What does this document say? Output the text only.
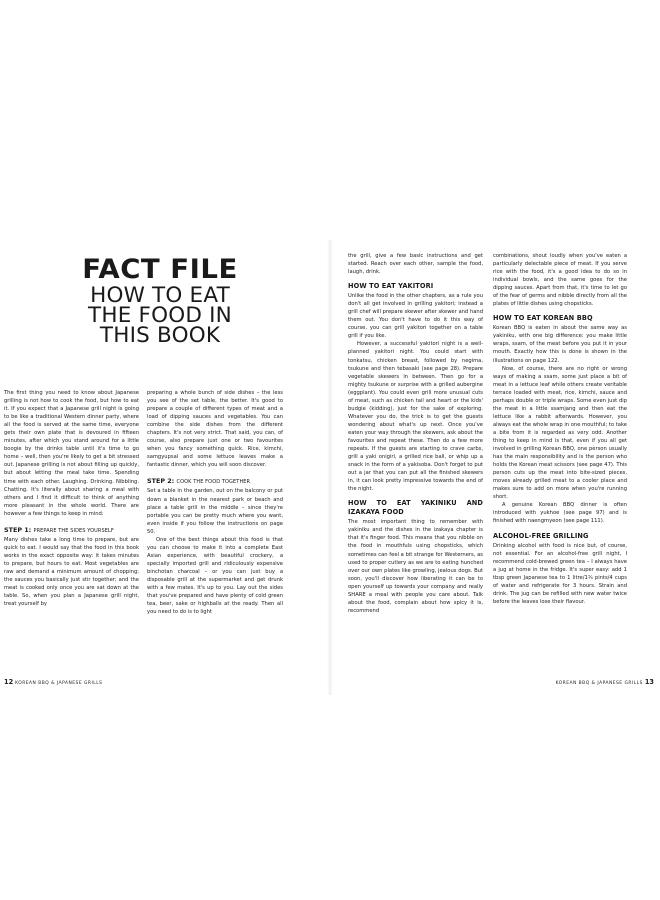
FACT FILE
HOW TO EAT
THE FOOD IN
THIS BOOK

The first thing you need to know about Japanese grilling is not how to cook the food, but how to eat it. If you expect that a Japanese grill night is going to be like a traditional Western dinner party, where all the food is served at the same time, everyone gets their own plate that is devoured in fifteen minutes, after which you stand around for a little boogie by the drinks table until it's time to go home – well, then you're likely to get a bit stressed out. Japanese grilling is not about filling up quickly, but about letting the meal take time. Spending time with each other. Laughing. Drinking. Nibbling. Chatting. It's literally about sharing a meal with others and I find it difficult to think of anything more pleasant in the whole world. There are however a few things to keep in mind:

STEP 1: PREPARE THE SIDES YOURSELF

Many dishes take a long time to prepare, but are quick to eat. I would say that the food in this book works in the exact opposite way: it takes minutes to prepare, but hours to eat. Most vegetables are raw and demand a minimum amount of chopping; the sauces you basically just stir together; and the meat is cooked only once you are sat down at the table. So, when you plan a Japanese grill night, treat yourself by

preparing a whole bunch of side dishes – the less you see of the set table, the better. It's good to prepare a couple of different types of meat and a load of dipping sauces and vegetables. You can combine the side dishes from the different chapters. It's not very strict. That said, you can, of course, also prepare just one or two favourites when you fancy something quick. Rice, kimchi, samgyupsal and some lettuce leaves make a fantastic dinner, which you will soon discover.

STEP 2: COOK THE FOOD TOGETHER

Set a table in the garden, out on the balcony or put down a blanket in the nearest park or beach and place a table grill in the middle – since they're portable you can be pretty much where you want, even inside if you follow the instructions on page 50.

One of the best things about this food is that you can choose to make it into a complete East Asian experience, with beautiful crockery, a specially imported grill and ridiculously expensive binchotan charcoal – or you can just buy a disposable grill at the supermarket and get drunk with a few mates. It's up to you. Lay out the sides that you've prepared and have plenty of cold green tea, beer, sake or highballs at the ready. Then all you need to do is to light

12 KOREAN BBQ & JAPANESE GRILLS

the grill, give a few basic instructions and get started. Reach over each other, sample the food, laugh, drink.

HOW TO EAT YAKITORI

Unlike the food in the other chapters, as a rule you don't all get involved in grilling yakitori; instead a grill chef will prepare skewer after skewer and hand them out. You don't have to do it this way of course, you can grill yakitori together on a table grill if you like.

However, a successful yakitori night is a well-planned yakitori night. You could start with tonkatsu, chicken breast, followed by negima, tsukune and then tebasaki (see page 28). Prepare vegetable skewers in between. Then go for a mighty tsukune or surprise with a grilled aubergine (eggplant). You could even grill more unusual cuts of meat, such as chicken tail and heart or the kids' budgie (kidding), just for the sake of exploring. Whatever you do, the trick is to get the guests wondering about what's up next. Once you've eaten your way through the skewers, ask about the favourites and repeat these. Then do a few more repeats. If the guests are starting to crave carbs, grill a yaki onigiri, a grilled rice ball, or whip up a snack in the form of a yakisoba. Don't forget to put out a jar that you can put all the finished skewers in, it can look pretty impressive towards the end of the night.

HOW TO EAT YAKINIKU AND IZAKAYA FOOD

The most important thing to remember with yakiniku and the dishes in the izakaya chapter is that it's finger food. This means that you nibble on the food in mouthfuls using chopsticks, which sometimes can feel a bit strange for Westerners, as used to proper cutlery as we are to eating hunched over our own plates like growling, jealous dogs. But soon, you'll discover how liberating it can be to open yourself up towards your company and really SHARE a meal with people you care about. Talk about the food, complain about how spicy it is, recommend

combinations, shout loudly when you've eaten a particularly delectable piece of meat. If you serve rice with the food, it's a good idea to do so in individual bowls, and the same goes for the dipping sauces. Apart from that, it's time to let go of the fear of germs and nibble directly from all the plates of little dishes using chopsticks.

HOW TO EAT KOREAN BBQ

Korean BBQ is eaten in about the same way as yakiniku, with one big difference: you make little wraps, ssam, of the meat before you put it in your mouth. Exactly how this is done is shown in the illustrations on page 122.

Now, of course, there are no right or wrong ways of making a ssam, some just place a bit of meat in a lettuce leaf while others create veritable terrace loaded with meat, rice, kimchi, sauce and perhaps double or triple wraps. Some even just dip the meat in a little ssamjang and then eat the lettuce like a rabbit afterwards. However, you always eat the whole wrap in one mouthful; to take a bite from it is regarded as very odd. Another thing to keep in mind is that, even if you all get involved in grilling Korean BBQ, one person usually has the main responsibility and is the person who holds the Korean meat scissors (see page 47). This person cuts up the meat into bite-sized pieces, moves already grilled meat to a cooler place and makes sure to add on more when you're running short.

A genuine Korean BBQ dinner is often introduced with yukhoe (see page 97) and is finished with naengmyeon (see page 111).

ALCOHOL-FREE GRILLING

Drinking alcohol with food is nice but, of course, not essential. For an alcohol-free grill night, I recommend cold-brewed green tea – I always have a jug at home in the fridge. It's super easy: add 1 tbsp green Japanese tea to 1 litre/1¾ pints/4 cups of water and refrigerate for 3 hours. Strain and drink. The jug can be refilled with new water twice before the leaves lose their flavour.

KOREAN BBQ & JAPANESE GRILLS 13
